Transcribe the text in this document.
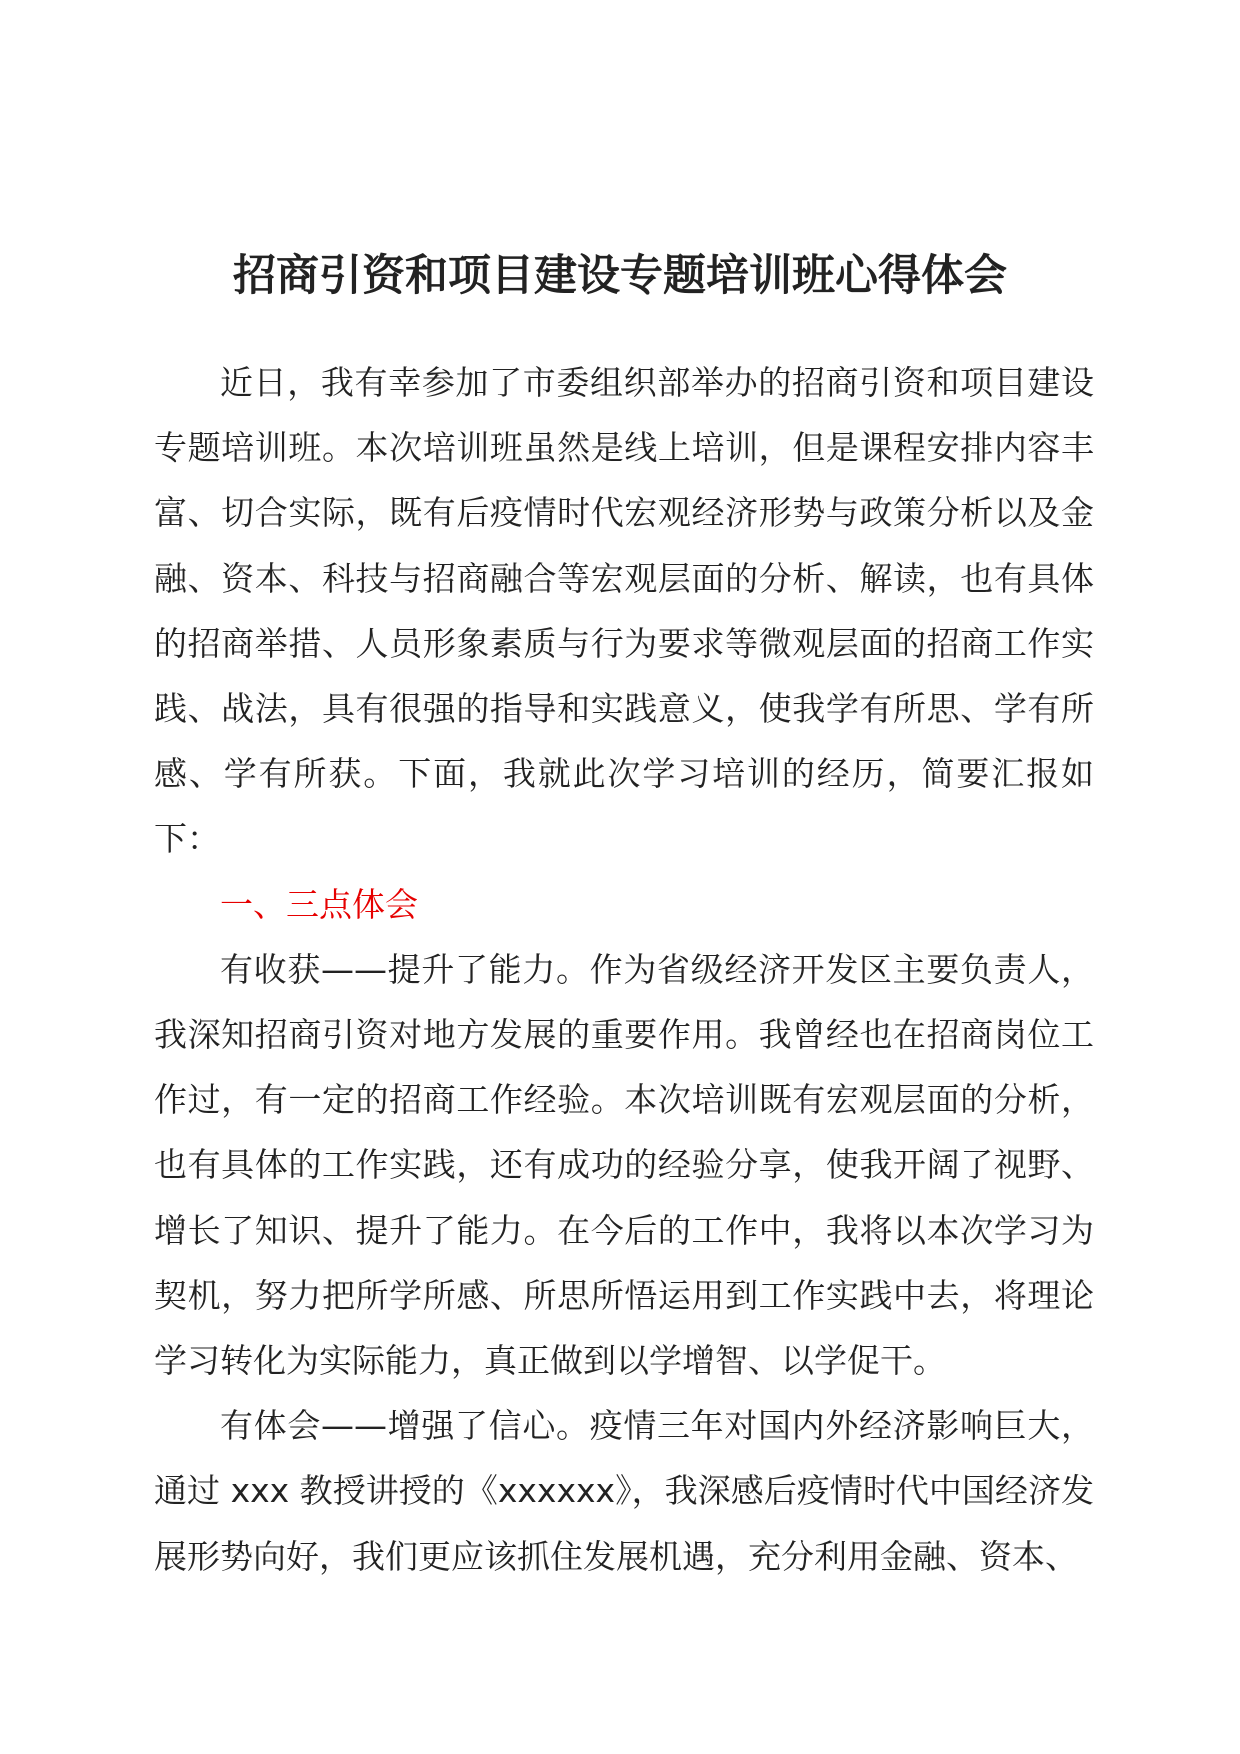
招商引资和项目建设专题培训班心得体会

近日，我有幸参加了市委组织部举办的招商引资和项目建设专题培训班。本次培训班虽然是线上培训，但是课程安排内容丰富、切合实际，既有后疫情时代宏观经济形势与政策分析以及金融、资本、科技与招商融合等宏观层面的分析、解读，也有具体的招商举措、人员形象素质与行为要求等微观层面的招商工作实践、战法，具有很强的指导和实践意义，使我学有所思、学有所感、学有所获。下面，我就此次学习培训的经历，简要汇报如下：

一、三点体会

有收获——提升了能力。作为省级经济开发区主要负责人，我深知招商引资对地方发展的重要作用。我曾经也在招商岗位工作过，有一定的招商工作经验。本次培训既有宏观层面的分析，也有具体的工作实践，还有成功的经验分享，使我开阔了视野、增长了知识、提升了能力。在今后的工作中，我将以本次学习为契机，努力把所学所感、所思所悟运用到工作实践中去，将理论学习转化为实际能力，真正做到以学增智、以学促干。

有体会——增强了信心。疫情三年对国内外经济影响巨大，通过 xxx 教授讲授的《xxxxxx》，我深感后疫情时代中国经济发展形势向好，我们更应该抓住发展机遇，充分利用金融、资本、
